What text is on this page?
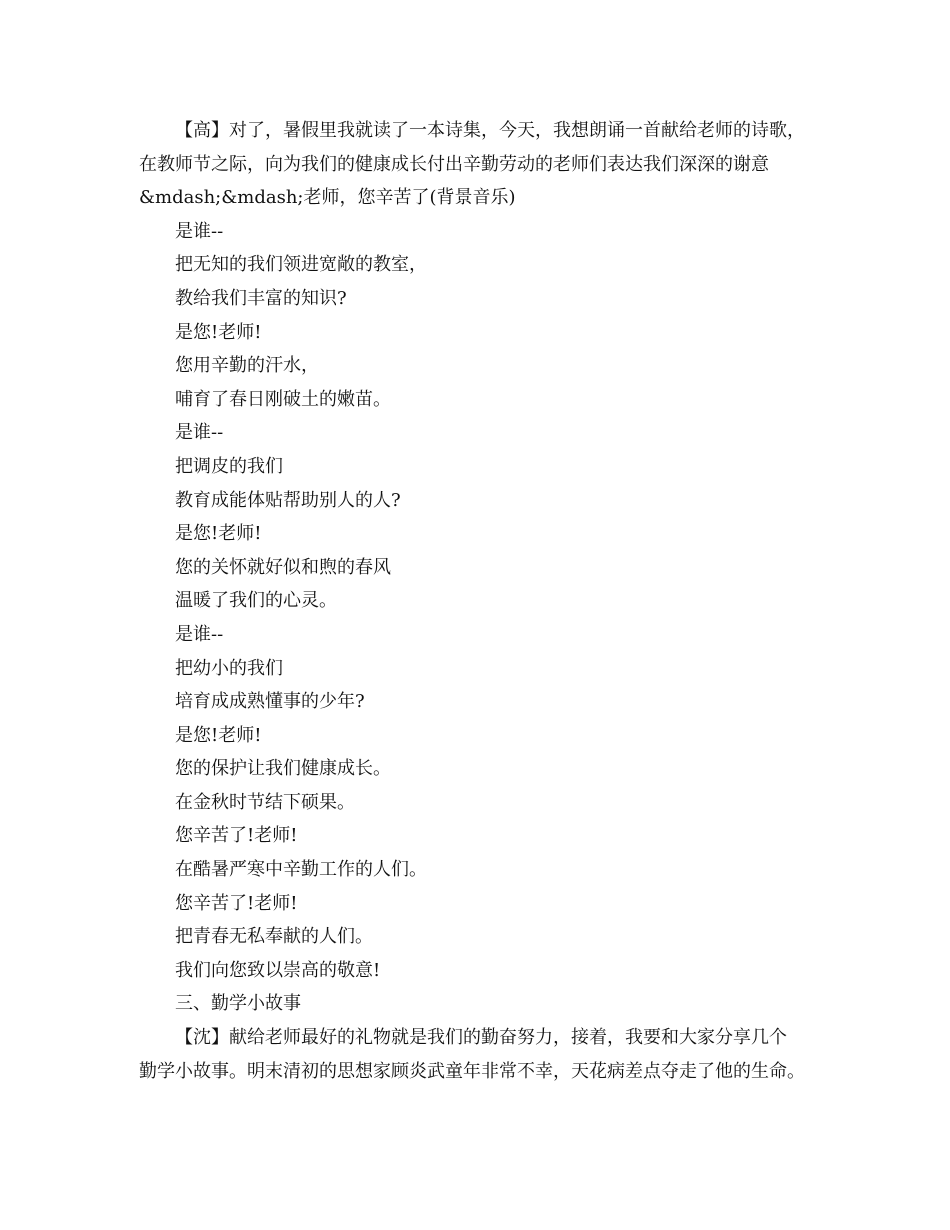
【高】对了，暑假里我就读了一本诗集，今天，我想朗诵一首献给老师的诗歌，
在教师节之际，向为我们的健康成长付出辛勤劳动的老师们表达我们深深的谢意
&mdash;&mdash;老师，您辛苦了(背景音乐)
是谁--
把无知的我们领进宽敞的教室，
教给我们丰富的知识?
是您!老师!
您用辛勤的汗水，
哺育了春日刚破土的嫩苗。
是谁--
把调皮的我们
教育成能体贴帮助别人的人?
是您!老师!
您的关怀就好似和煦的春风
温暖了我们的心灵。
是谁--
把幼小的我们
培育成成熟懂事的少年?
是您!老师!
您的保护让我们健康成长。
在金秋时节结下硕果。
您辛苦了!老师!
在酷暑严寒中辛勤工作的人们。
您辛苦了!老师!
把青春无私奉献的人们。
我们向您致以崇高的敬意!
三、勤学小故事
【沈】献给老师最好的礼物就是我们的勤奋努力，接着，我要和大家分享几个
勤学小故事。明末清初的思想家顾炎武童年非常不幸，天花病差点夺走了他的生命。
